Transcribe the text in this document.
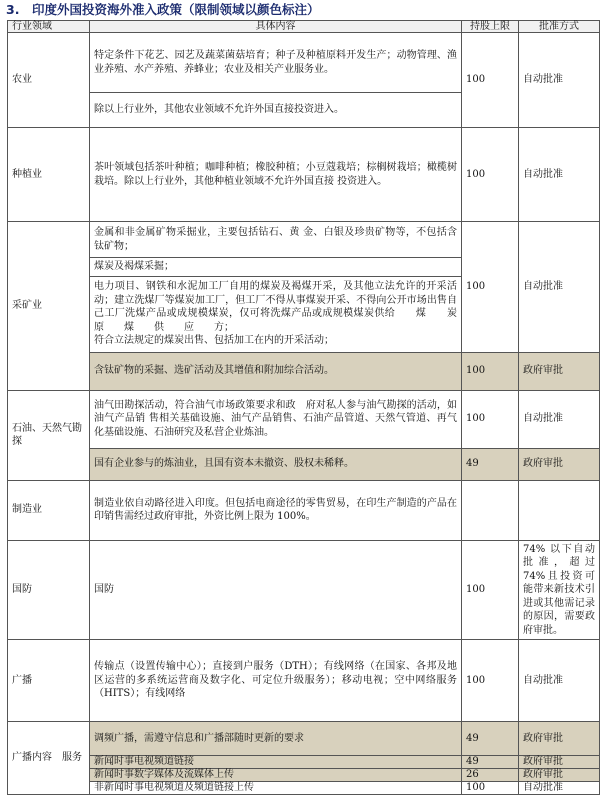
3.　印度外国投资海外准入政策（限制领域以颜色标注）
行业领域	具体内容	持股上限	批准方式
农业	特定条件下花艺、园艺及蔬菜菌菇培育；种子及种植原料开发生产；动物管理、渔业养殖、水产养殖、养蜂业；农业及相关产业服务业。	100	自动批准
	除以上行业外，其他农业领域不允许外国直接投资进入。		
种植业	茶叶领域包括茶叶种植；咖啡种植；橡胶种植；小豆蔻栽培；棕榈树栽培；橄榄树栽培。除以上行业外，其他种植业领域不允许外国直接 投资进入。	100	自动批准
采矿业	金属和非金属矿物采掘业，主要包括钻石、黄 金、白银及珍贵矿物等，不包括含钛矿物；	100	自动批准
	煤炭及褐煤采掘；		
	电力项目、钢铁和水泥加工厂自用的煤炭及褐煤开采，及其他立法允许的开采活动；建立洗煤厂等煤炭加工厂，但工厂不得从事煤炭开采、不得向公开市场出售自己工厂洗煤产品或成规模煤炭，仅可将洗煤产品或成规模煤炭供给　　煤　　炭　　原　　煤　　供　　应　　方；
符合立法规定的煤炭出售、包括加工在内的开采活动；		
	含钛矿物的采掘、选矿活动及其增值和附加综合活动。	100	政府审批
石油、天然气勘探	油气田勘探活动，符合油气市场政策要求和政　府对私人参与油气勘探的活动，如油气产品销 售相关基础设施、油气产品销售、石油产品管道、天然气管道、再气化基础设施、石油研究及私营企业炼油。	100	自动批准
	国有企业参与的炼油业，且国有资本未撤资、股权未稀释。	49	政府审批
制造业	制造业依自动路径进入印度。但包括电商途径的零售贸易，在印生产制造的产品在印销售需经过政府审批，外资比例上限为 100%。		
国防	国防	100	74% 以下自动批准，超过 74%且投资可能带来新技术引进或其他需记录的原因，需要政府审批。
广播	传输点（设置传输中心）；直接到户服务（DTH）；有线网络（在国家、各邦及地区运营的多系统运营商及数字化、可定位升级服务）；移动电视；空中网络服务（HITS）；有线网络	100	自动批准
广播内容　服务	调频广播，需遵守信息和广播部随时更新的要求	49	政府审批
	新闻时事电视频道链接	49	政府审批
	新闻时事数字媒体及流媒体上传	26	政府审批
	非新闻时事电视频道及频道链接上传	100	自动批准
